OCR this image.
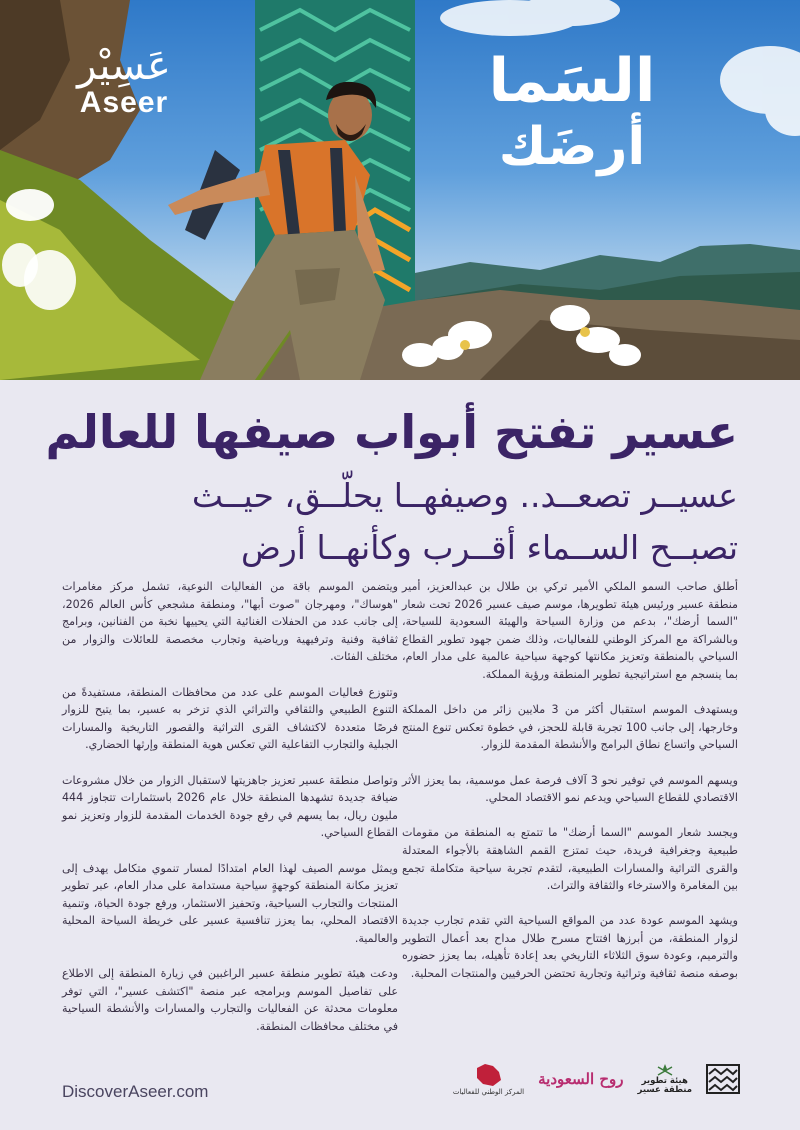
عَسِيْر
Aseer	السَما
أرضَك
عسير تفتح أبواب صيفها للعالم
عسيــر تصعــد.. وصيفهــا يحلّــق، حيــث
تصبــح الســماء أقــرب وكأنهــا أرض

أطلق صاحب السمو الملكي الأمير تركي بن طلال بن عبدالعزيز، أمير منطقة عسير ورئيس هيئة تطويرها، موسم صيف عسير 2026 تحت شعار "السما أرضك"، بدعم من وزارة السياحة والهيئة السعودية للسياحة، وبالشراكة مع المركز الوطني للفعاليات، وذلك ضمن جهود تطوير القطاع السياحي بالمنطقة وتعزيز مكانتها كوجهة سياحية عالمية على مدار العام، بما ينسجم مع استراتيجية تطوير المنطقة ورؤية المملكة.

ويستهدف الموسم استقبال أكثر من 3 ملايين زائر من داخل المملكة وخارجها، إلى جانب 100 تجربة قابلة للحجز، في خطوة تعكس تنوع المنتج السياحي واتساع نطاق البرامج والأنشطة المقدمة للزوار.

ويسهم الموسم في توفير نحو 3 آلاف فرصة عمل موسمية، بما يعزز الأثر الاقتصادي للقطاع السياحي ويدعم نمو الاقتصاد المحلي.

ويجسد شعار الموسم "السما أرضك" ما تتمتع به المنطقة من مقومات طبيعية وجغرافية فريدة، حيث تمتزج القمم الشاهقة بالأجواء المعتدلة والقرى التراثية والمسارات الطبيعية، لتقدم تجربة سياحية متكاملة تجمع بين المغامرة والاسترخاء والثقافة والتراث.

ويشهد الموسم عودة عدد من المواقع السياحية التي تقدم تجارب جديدة لزوار المنطقة، من أبرزها افتتاح مسرح طلال مداح بعد أعمال التطوير والترميم، وعودة سوق الثلاثاء التاريخي بعد إعادة تأهيله، بما يعزز حضوره بوصفه منصة ثقافية وتراثية وتجارية تحتضن الحرفيين والمنتجات المحلية.

ويتضمن الموسم باقة من الفعاليات النوعية، تشمل مركز مغامرات "هوساك"، ومهرجان "صوت أبها"، ومنطقة مشجعي كأس العالم 2026، إلى جانب عدد من الحفلات الغنائية التي يحييها نخبة من الفنانين، وبرامج ثقافية وفنية وترفيهية ورياضية وتجارب مخصصة للعائلات والزوار من مختلف الفئات.

وتتوزع فعاليات الموسم على عدد من محافظات المنطقة، مستفيدةً من التنوع الطبيعي والثقافي والتراثي الذي تزخر به عسير، بما يتيح للزوار فرصًا متعددة لاكتشاف القرى التراثية والقصور التاريخية والمسارات الجبلية والتجارب التفاعلية التي تعكس هوية المنطقة وإرثها الحضاري.

وتواصل منطقة عسير تعزيز جاهزيتها لاستقبال الزوار من خلال مشروعات ضيافة جديدة تشهدها المنطقة خلال عام 2026 باستثمارات تتجاوز 444 مليون ريال، بما يسهم في رفع جودة الخدمات المقدمة للزوار وتعزيز نمو القطاع السياحي.

ويمثل موسم الصيف لهذا العام امتدادًا لمسار تنموي متكامل يهدف إلى تعزيز مكانة المنطقة كوجهةٍ سياحية مستدامة على مدار العام، عبر تطوير المنتجات والتجارب السياحية، وتحفيز الاستثمار، ورفع جودة الحياة، وتنمية الاقتصاد المحلي، بما يعزز تنافسية عسير على خريطة السياحة المحلية والعالمية.

ودعت هيئة تطوير منطقة عسير الراغبين في زيارة المنطقة إلى الاطلاع على تفاصيل الموسم وبرامجه عبر منصة "اكتشف عسير"، التي توفر معلومات محدثة عن الفعاليات والتجارب والمسارات والأنشطة السياحية في مختلف محافظات المنطقة.

DiscoverAseer.com
هيئة تطوير
منطقة عسير
روح السعودية
المركز الوطني للفعاليات
